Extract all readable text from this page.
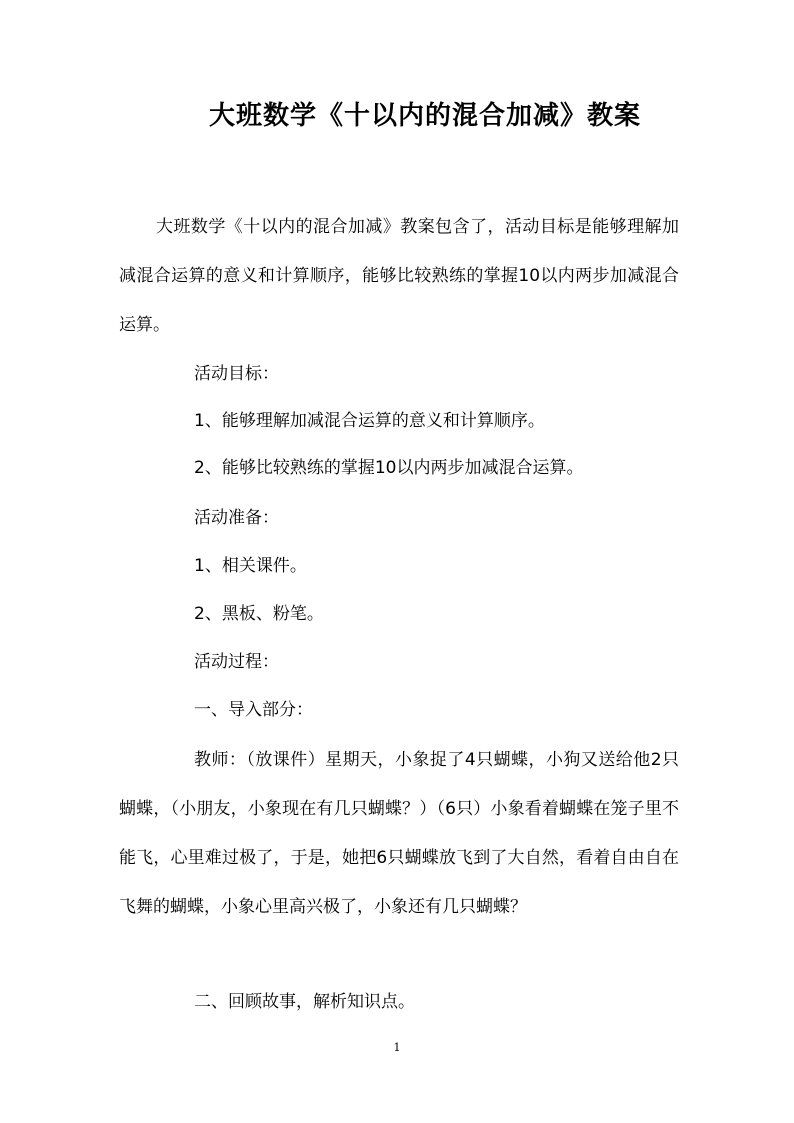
大班数学《十以内的混合加减》教案

大班数学《十以内的混合加减》教案包含了，活动目标是能够理解加减混合运算的意义和计算顺序，能够比较熟练的掌握10以内两步加减混合运算。

活动目标：

1、能够理解加减混合运算的意义和计算顺序。

2、能够比较熟练的掌握10以内两步加减混合运算。

活动准备：

1、相关课件。

2、黑板、粉笔。

活动过程：

一、导入部分：

教师：（放课件）星期天，小象捉了4只蝴蝶，小狗又送给他2只蝴蝶，（小朋友，小象现在有几只蝴蝶？）（6只）小象看着蝴蝶在笼子里不能飞，心里难过极了，于是，她把6只蝴蝶放飞到了大自然，看着自由自在飞舞的蝴蝶，小象心里高兴极了，小象还有几只蝴蝶？

二、回顾故事，解析知识点。

1
